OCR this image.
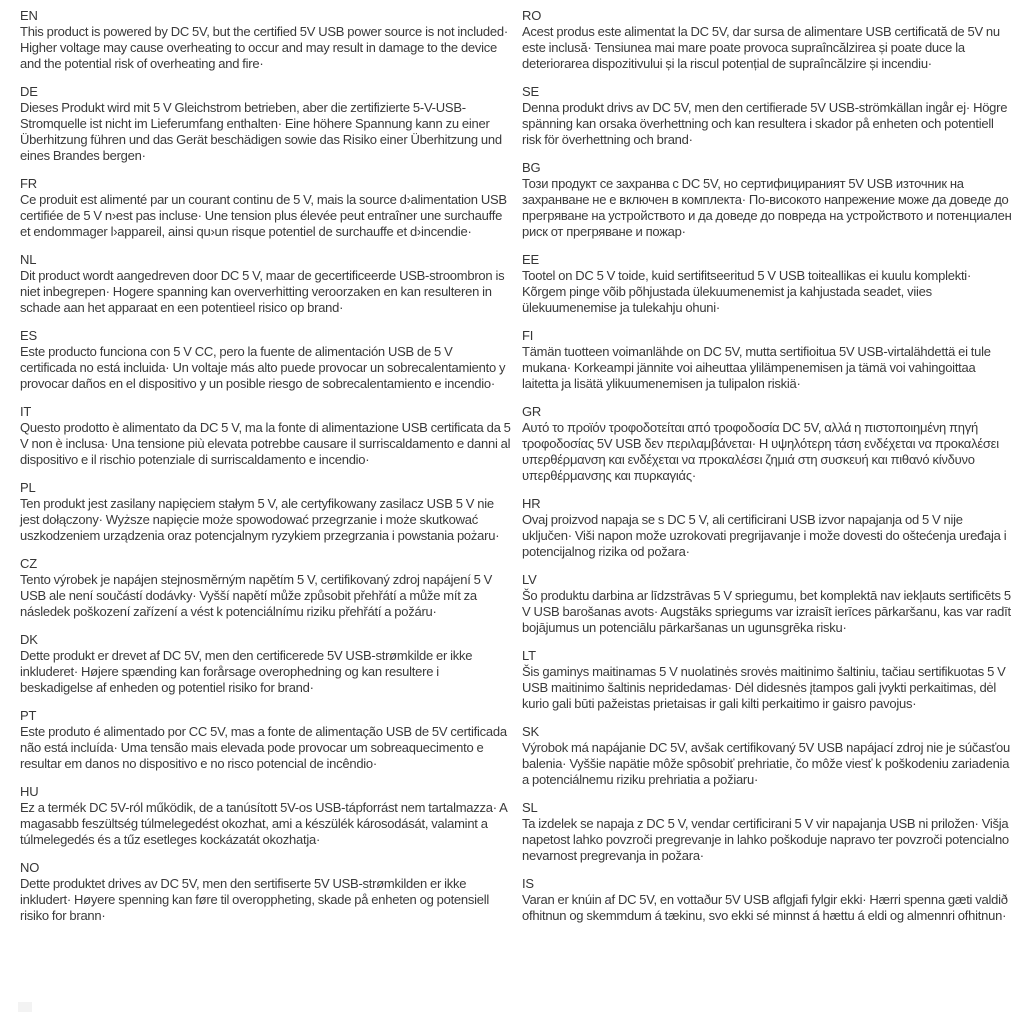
EN
This product is powered by DC 5V, but the certified 5V USB power source is not included· Higher voltage may cause overheating to occur and may result in damage to the device and the potential risk of overheating and fire·
DE
Dieses Produkt wird mit 5 V Gleichstrom betrieben, aber die zertifizierte 5-V-USB-Stromquelle ist nicht im Lieferumfang enthalten· Eine höhere Spannung kann zu einer Überhitzung führen und das Gerät beschädigen sowie das Risiko einer Überhitzung und eines Brandes bergen·
FR
Ce produit est alimenté par un courant continu de 5 V, mais la source d›alimentation USB certifiée de 5 V n›est pas incluse· Une tension plus élevée peut entraîner une surchauffe et endommager l›appareil, ainsi qu›un risque potentiel de surchauffe et d›incendie·
NL
Dit product wordt aangedreven door DC 5 V, maar de gecertificeerde USB-stroombron is niet inbegrepen· Hogere spanning kan oververhitting veroorzaken en kan resulteren in schade aan het apparaat en een potentieel risico op brand·
ES
Este producto funciona con 5 V CC, pero la fuente de alimentación USB de 5 V certificada no está incluida· Un voltaje más alto puede provocar un sobrecalentamiento y provocar daños en el dispositivo y un posible riesgo de sobrecalentamiento e incendio·
IT
Questo prodotto è alimentato da DC 5 V, ma la fonte di alimentazione USB certificata da 5 V non è inclusa· Una tensione più elevata potrebbe causare il surriscaldamento e danni al dispositivo e il rischio potenziale di surriscaldamento e incendio·
PL
Ten produkt jest zasilany napięciem stałym 5 V, ale certyfikowany zasilacz USB 5 V nie jest dołączony· Wyższe napięcie może spowodować przegrzanie i może skutkować uszkodzeniem urządzenia oraz potencjalnym ryzykiem przegrzania i powstania pożaru·
CZ
Tento výrobek je napájen stejnosměrným napětím 5 V, certifikovaný zdroj napájení 5 V USB ale není součástí dodávky· Vyšší napětí může způsobit přehřátí a může mít za následek poškození zařízení a vést k potenciálnímu riziku přehřátí a požáru·
DK
Dette produkt er drevet af DC 5V, men den certificerede 5V USB-strømkilde er ikke inkluderet· Højere spænding kan forårsage overophedning og kan resultere i beskadigelse af enheden og potentiel risiko for brand·
PT
Este produto é alimentado por CC 5V, mas a fonte de alimentação USB de 5V certificada não está incluída· Uma tensão mais elevada pode provocar um sobreaquecimento e resultar em danos no dispositivo e no risco potencial de incêndio·
HU
Ez a termék DC 5V-ról működik, de a tanúsított 5V-os USB-tápforrást nem tartalmazza· A magasabb feszültség túlmelegedést okozhat, ami a készülék károsodását, valamint a túlmelegedés és a tűz esetleges kockázatát okozhatja·
NO
Dette produktet drives av DC 5V, men den sertifiserte 5V USB-strømkilden er ikke inkludert· Høyere spenning kan føre til overoppheting, skade på enheten og potensiell risiko for brann·
RO
Acest produs este alimentat la DC 5V, dar sursa de alimentare USB certificată de 5V nu este inclusă· Tensiunea mai mare poate provoca supraîncălzirea și poate duce la deteriorarea dispozitivului și la riscul potențial de supraîncălzire și incendiu·
SE
Denna produkt drivs av DC 5V, men den certifierade 5V USB-strömkällan ingår ej· Högre spänning kan orsaka överhettning och kan resultera i skador på enheten och potentiell risk för överhettning och brand·
BG
Този продукт се захранва с DC 5V, но сертифицираният 5V USB източник на захранване не е включен в комплекта· По-високото напрежение може да доведе до прегряване на устройството и да доведе до повреда на устройството и потенциален риск от прегряване и пожар·
EE
Tootel on DC 5 V toide, kuid sertifitseeritud 5 V USB toiteallikas ei kuulu komplekti· Kõrgem pinge võib põhjustada ülekuumenemist ja kahjustada seadet, viies ülekuumenemise ja tulekahju ohuni·
FI
Tämän tuotteen voimanlähde on DC 5V, mutta sertifioitua 5V USB-virtalähdettä ei tule mukana· Korkeampi jännite voi aiheuttaa ylilämpenemisen ja tämä voi vahingoittaa laitetta ja lisätä ylikuumenemisen ja tulipalon riskiä·
GR
Αυτό το προϊόν τροφοδοτείται από τροφοδοσία DC 5V, αλλά η πιστοποιημένη πηγή τροφοδοσίας 5V USB δεν περιλαμβάνεται· Η υψηλότερη τάση ενδέχεται να προκαλέσει υπερθέρμανση και ενδέχεται να προκαλέσει ζημιά στη συσκευή και πιθανό κίνδυνο υπερθέρμανσης και πυρκαγιάς·
HR
Ovaj proizvod napaja se s DC 5 V, ali certificirani USB izvor napajanja od 5 V nije uključen· Viši napon može uzrokovati pregrijavanje i može dovesti do oštećenja uređaja i potencijalnog rizika od požara·
LV
Šo produktu darbina ar līdzstrāvas 5 V spriegumu, bet komplektā nav iekļauts sertificēts 5 V USB barošanas avots· Augstāks spriegums var izraisīt ierīces pārkaršanu, kas var radīt bojājumus un potenciālu pārkaršanas un ugunsgrēka risku·
LT
Šis gaminys maitinamas 5 V nuolatinės srovės maitinimo šaltiniu, tačiau sertifikuotas 5 V USB maitinimo šaltinis nepridedamas· Dėl didesnės įtampos gali įvykti perkaitimas, dėl kurio gali būti pažeistas prietaisas ir gali kilti perkaitimo ir gaisro pavojus·
SK
Výrobok má napájanie DC 5V, avšak certifikovaný 5V USB napájací zdroj nie je súčasťou balenia· Vyššie napätie môže spôsobiť prehriatie, čo môže viesť k poškodeniu zariadenia a potenciálnemu riziku prehriatia a požiaru·
SL
Ta izdelek se napaja z DC 5 V, vendar certificirani 5 V vir napajanja USB ni priložen· Višja napetost lahko povzroči pregrevanje in lahko poškoduje napravo ter povzroči potencialno nevarnost pregrevanja in požara·
IS
Varan er knúin af DC 5V, en vottaður 5V USB aflgjafi fylgir ekki· Hærri spenna gæti valdið ofhitnun og skemmdum á tækinu, svo ekki sé minnst á hættu á eldi og almennri ofhitnun·
